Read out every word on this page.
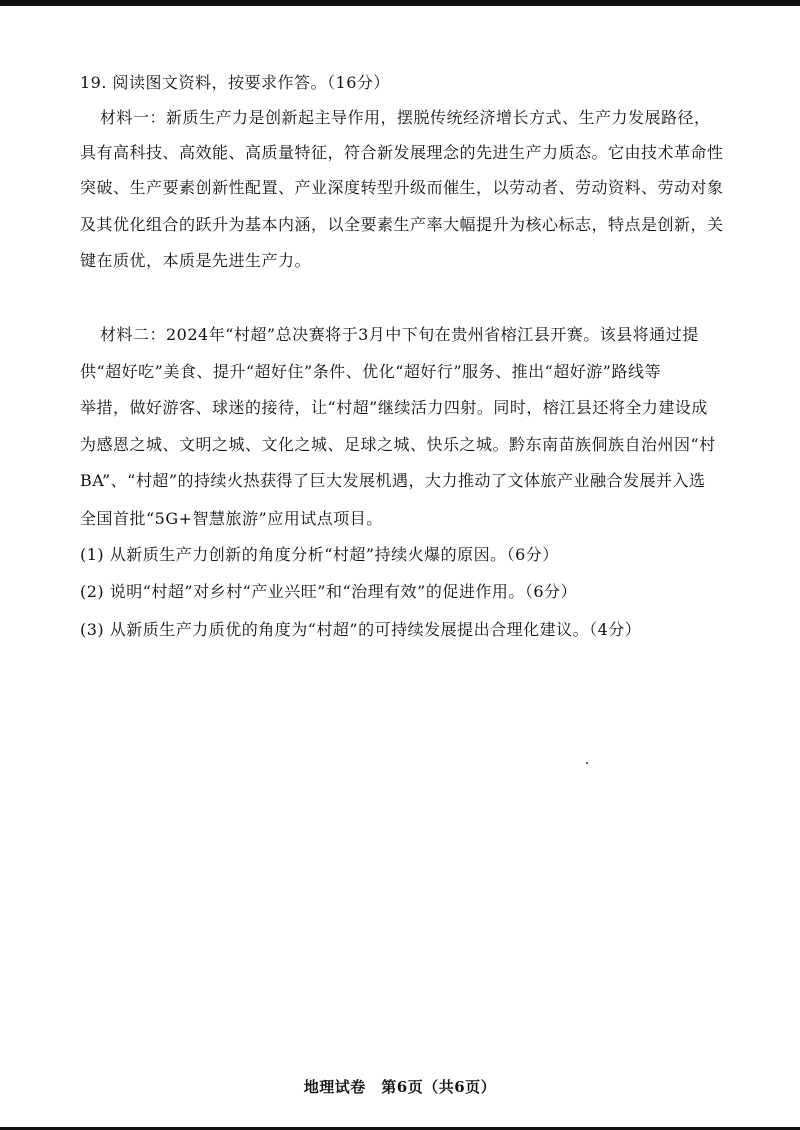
19. 阅读图文资料，按要求作答。（16分）
材料一：新质生产力是创新起主导作用，摆脱传统经济增长方式、生产力发展路径，
具有高科技、高效能、高质量特征，符合新发展理念的先进生产力质态。它由技术革命性
突破、生产要素创新性配置、产业深度转型升级而催生，以劳动者、劳动资料、劳动对象
及其优化组合的跃升为基本内涵，以全要素生产率大幅提升为核心标志，特点是创新，关
键在质优，本质是先进生产力。
材料二：2024年“村超”总决赛将于3月中下旬在贵州省榕江县开赛。该县将通过提
供“超好吃”美食、提升“超好住”条件、优化“超好行”服务、推出“超好游”路线等
举措，做好游客、球迷的接待，让“村超”继续活力四射。同时，榕江县还将全力建设成
为感恩之城、文明之城、文化之城、足球之城、快乐之城。黔东南苗族侗族自治州因“村
BA”、“村超”的持续火热获得了巨大发展机遇，大力推动了文体旅产业融合发展并入选
全国首批“5G+智慧旅游”应用试点项目。
(1) 从新质生产力创新的角度分析“村超”持续火爆的原因。（6分）
(2) 说明“村超”对乡村“产业兴旺”和“治理有效”的促进作用。（6分）
(3) 从新质生产力质优的角度为“村超”的可持续发展提出合理化建议。（4分）
地理试卷　第6页（共6页）
